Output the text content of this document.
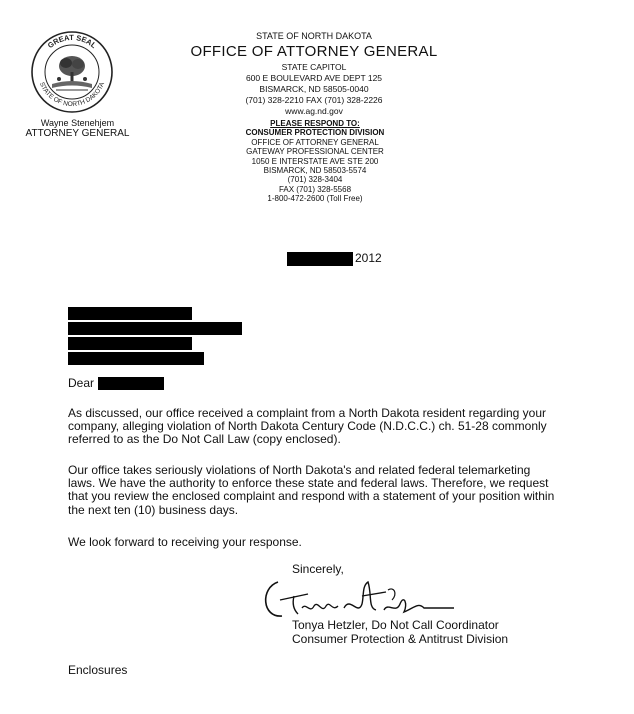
GREAT SEAL
STATE OF NORTH DAKOTA
Wayne Stenehjem
ATTORNEY GENERAL
STATE OF NORTH DAKOTA
OFFICE OF ATTORNEY GENERAL
STATE CAPITOL
600 E BOULEVARD AVE DEPT 125
BISMARCK, ND 58505-0040
(701) 328-2210 FAX (701) 328-2226
www.ag.nd.gov
PLEASE RESPOND TO:
CONSUMER PROTECTION DIVISION
OFFICE OF ATTORNEY GENERAL
GATEWAY PROFESSIONAL CENTER
1050 E INTERSTATE AVE STE 200
BISMARCK, ND 58503-5574
(701) 328-3404
FAX (701) 328-5568
1-800-472-2600 (Toll Free)
2012
Dear
As discussed, our office received a complaint from a North Dakota resident regarding your company, alleging violation of North Dakota Century Code (N.D.C.C.) ch. 51-28 commonly referred to as the Do Not Call Law (copy enclosed).
Our office takes seriously violations of North Dakota's and related federal telemarketing laws. We have the authority to enforce these state and federal laws. Therefore, we request that you review the enclosed complaint and respond with a statement of your position within the next ten (10) business days.
We look forward to receiving your response.
Sincerely,
Tonya Hetzler, Do Not Call Coordinator
Consumer Protection & Antitrust Division
Enclosures
